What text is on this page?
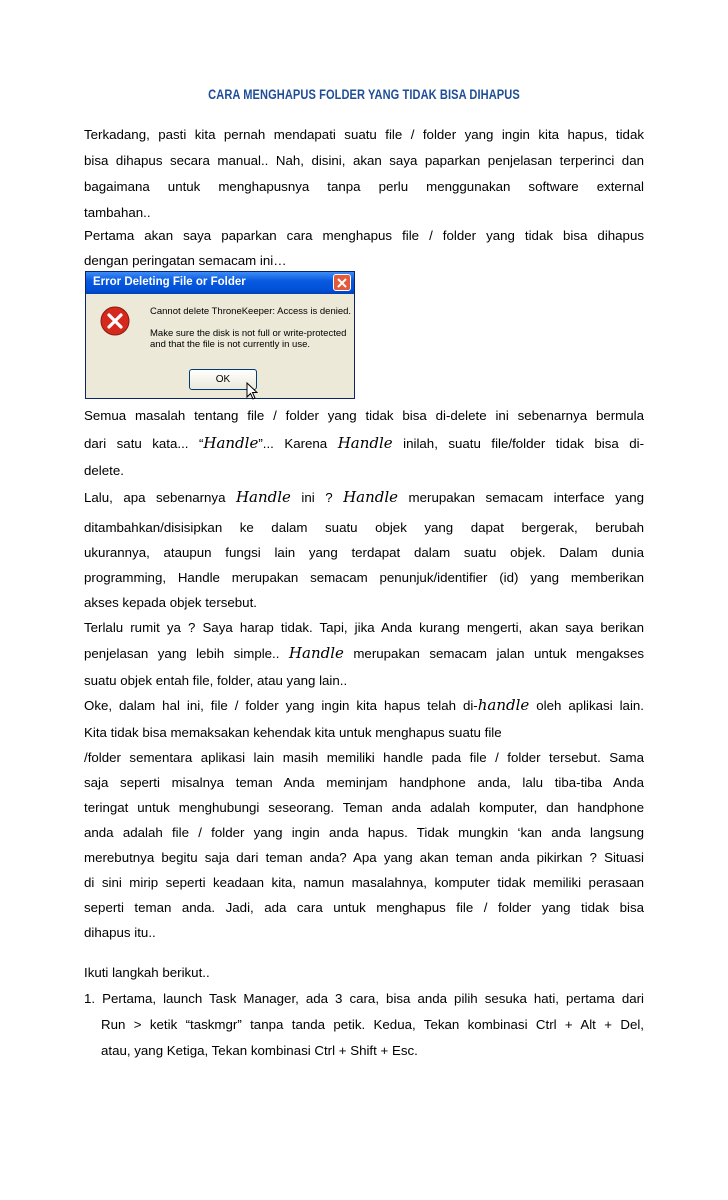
CARA MENGHAPUS FOLDER YANG TIDAK BISA DIHAPUS
Terkadang, pasti kita pernah mendapati suatu file / folder yang ingin kita hapus, tidak
bisa dihapus secara manual.. Nah, disini, akan saya paparkan penjelasan terperinci dan
bagaimana untuk menghapusnya tanpa perlu menggunakan software external
tambahan..
Pertama akan saya paparkan cara menghapus file / folder yang tidak bisa dihapus
dengan peringatan semacam ini…
Error Deleting File or Folder
Cannot delete ThroneKeeper: Access is denied.
Make sure the disk is not full or write-protected
and that the file is not currently in use.
OK
Semua masalah tentang file / folder yang tidak bisa di-delete ini sebenarnya bermula
dari satu kata... “Handle”... Karena Handle inilah, suatu file/folder tidak bisa di-
delete.
Lalu, apa sebenarnya Handle ini ? Handle merupakan semacam interface yang
ditambahkan/disisipkan ke dalam suatu objek yang dapat bergerak, berubah
ukurannya, ataupun fungsi lain yang terdapat dalam suatu objek. Dalam dunia
programming, Handle merupakan semacam penunjuk/identifier (id) yang memberikan
akses kepada objek tersebut.
Terlalu rumit ya ? Saya harap tidak. Tapi, jika Anda kurang mengerti, akan saya berikan
penjelasan yang lebih simple.. Handle merupakan semacam jalan untuk mengakses
suatu objek entah file, folder, atau yang lain..
Oke, dalam hal ini, file / folder yang ingin kita hapus telah di-handle oleh aplikasi lain.
Kita tidak bisa memaksakan kehendak kita untuk menghapus suatu file
/folder sementara aplikasi lain masih memiliki handle pada file / folder tersebut. Sama
saja seperti misalnya teman Anda meminjam handphone anda, lalu tiba-tiba Anda
teringat untuk menghubungi seseorang. Teman anda adalah komputer, dan handphone
anda adalah file / folder yang ingin anda hapus. Tidak mungkin ‘kan anda langsung
merebutnya begitu saja dari teman anda? Apa yang akan teman anda pikirkan ? Situasi
di sini mirip seperti keadaan kita, namun masalahnya, komputer tidak memiliki perasaan
seperti teman anda. Jadi, ada cara untuk menghapus file / folder yang tidak bisa
dihapus itu..
Ikuti langkah berikut..
1. Pertama, launch Task Manager, ada 3 cara, bisa anda pilih sesuka hati, pertama dari
Run > ketik “taskmgr” tanpa tanda petik. Kedua, Tekan kombinasi Ctrl + Alt + Del,
atau, yang Ketiga, Tekan kombinasi Ctrl + Shift + Esc.
